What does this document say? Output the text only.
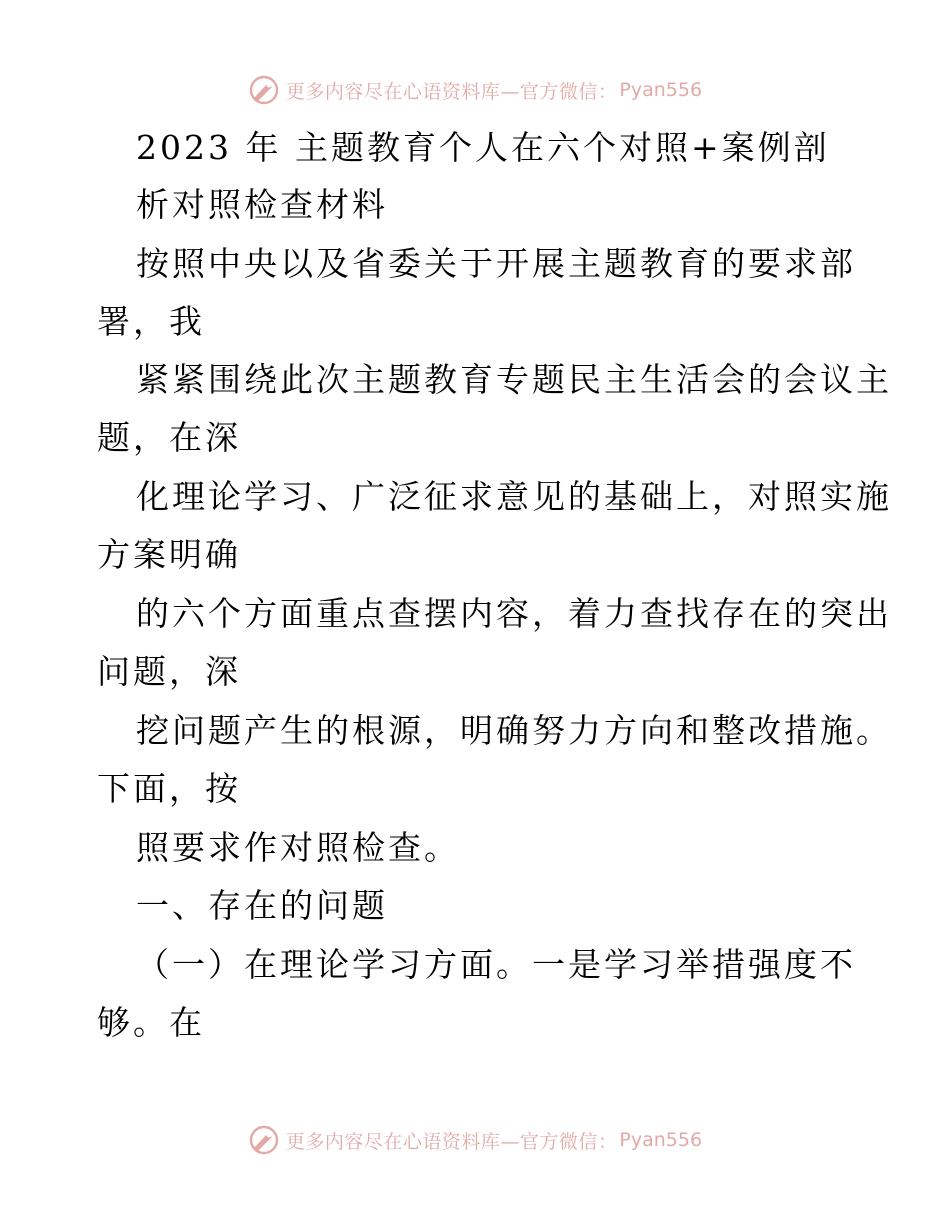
更多内容尽在心语资料库—官方微信： Pyan556
2023 年 主题教育个人在六个对照+案例剖
析对照检查材料
按照中央以及省委关于开展主题教育的要求部
署，我
紧紧围绕此次主题教育专题民主生活会的会议主
题，在深
化理论学习、广泛征求意见的基础上，对照实施
方案明确
的六个方面重点查摆内容，着力查找存在的突出
问题，深
挖问题产生的根源，明确努力方向和整改措施。
下面，按
照要求作对照检查。
一、存在的问题
（一）在理论学习方面。一是学习举措强度不
够。在
更多内容尽在心语资料库—官方微信： Pyan556
